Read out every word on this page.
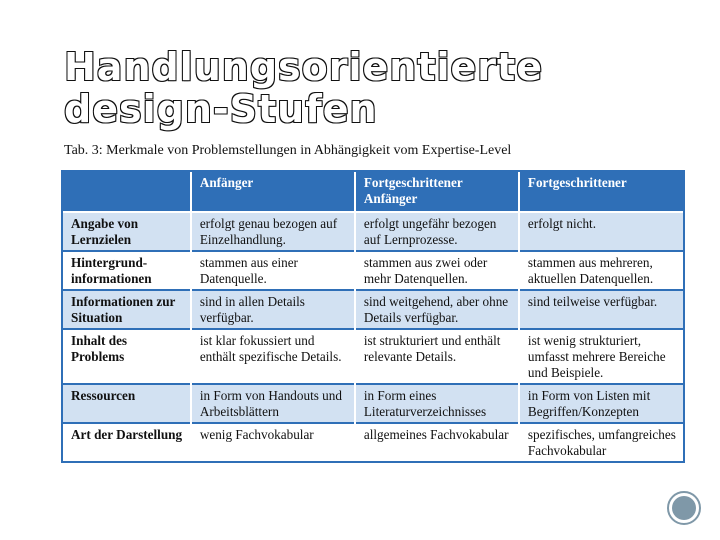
Handlungsorientierte
design-Stufen
Tab. 3: Merkmale von Problemstellungen in Abhängigkeit vom Expertise-Level
	Anfänger	Fortgeschrittener Anfänger	Fortgeschrittener
Angabe von Lernzielen	erfolgt genau bezogen auf Einzelhandlung.	erfolgt ungefähr bezogen auf Lernprozesse.	erfolgt nicht.
Hintergrund-informationen	stammen aus einer Datenquelle.	stammen aus zwei oder mehr Datenquellen.	stammen aus mehreren, aktuellen Datenquellen.
Informationen zur Situation	sind in allen Details verfügbar.	sind weitgehend, aber ohne Details verfügbar.	sind teilweise verfügbar.
Inhalt des Problems	ist klar fokussiert und enthält spezifische Details.	ist strukturiert und enthält relevante Details.	ist wenig strukturiert, umfasst mehrere Bereiche und Beispiele.
Ressourcen	in Form von Handouts und Arbeitsblättern	in Form eines Literaturverzeichnisses	in Form von Listen mit Begriffen/Konzepten
Art der Darstellung	wenig Fachvokabular	allgemeines Fachvokabular	spezifisches, umfangreiches Fachvokabular
